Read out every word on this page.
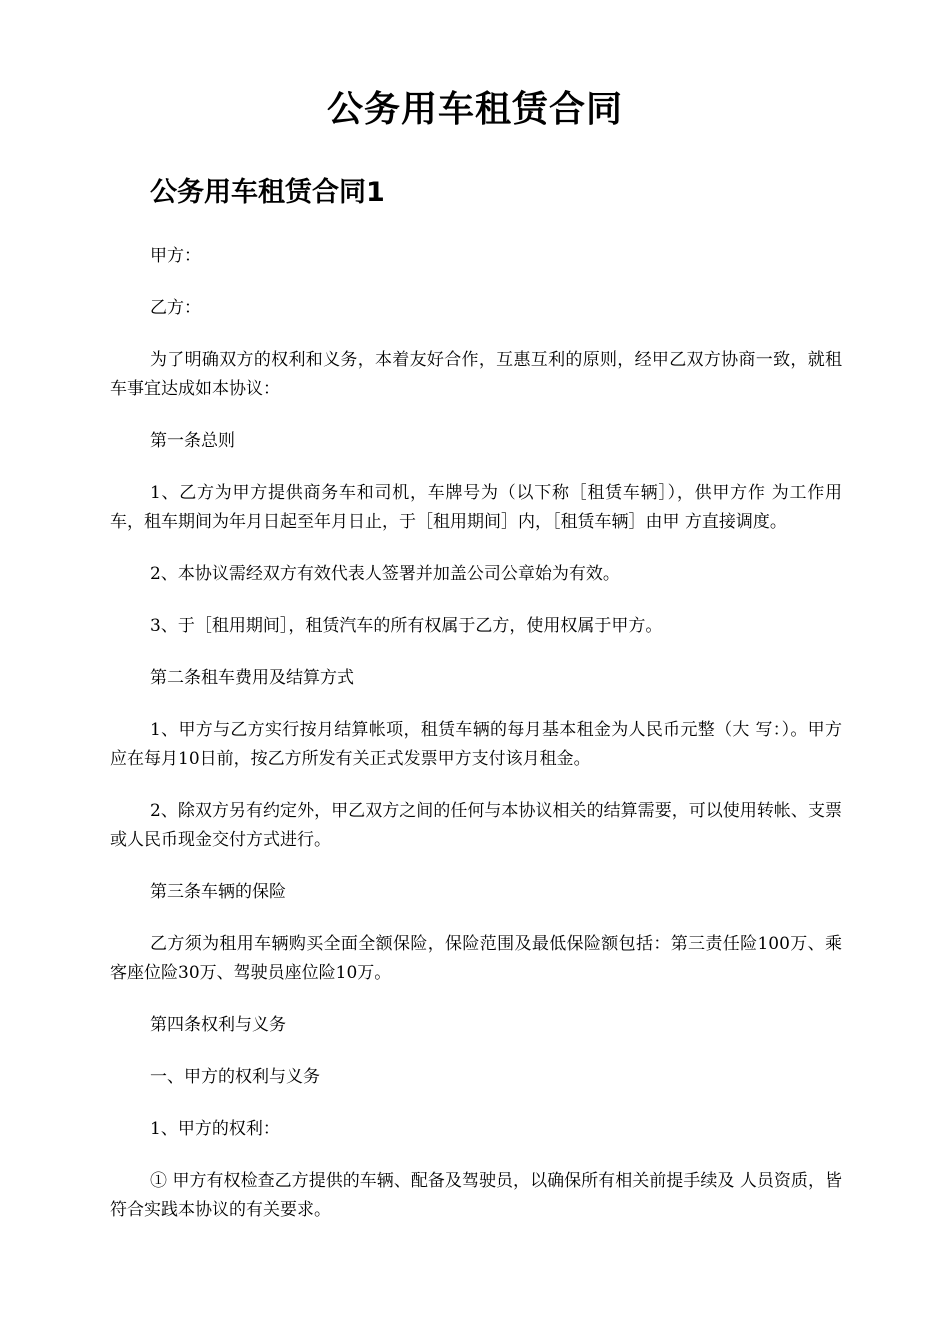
公务用车租赁合同
公务用车租赁合同1

甲方：

乙方：

为了明确双方的权利和义务，本着友好合作，互惠互利的原则，经甲乙双方协商一致，就租车事宜达成如本协议：

第一条总则

1、乙方为甲方提供商务车和司机，车牌号为（以下称［租赁车辆］），供甲方作 为工作用车，租车期间为年月日起至年月日止，于［租用期间］内，［租赁车辆］由甲 方直接调度。

2、本协议需经双方有效代表人签署并加盖公司公章始为有效。

3、于［租用期间］，租赁汽车的所有权属于乙方，使用权属于甲方。

第二条租车费用及结算方式

1、甲方与乙方实行按月结算帐项，租赁车辆的每月基本租金为人民币元整（大 写：）。甲方应在每月10日前，按乙方所发有关正式发票甲方支付该月租金。

2、除双方另有约定外，甲乙双方之间的任何与本协议相关的结算需要，可以使用转帐、支票或人民币现金交付方式进行。

第三条车辆的保险

乙方须为租用车辆购买全面全额保险，保险范围及最低保险额包括：第三责任险100万、乘客座位险30万、驾驶员座位险10万。

第四条权利与义务

一、甲方的权利与义务

1、甲方的权利：

① 甲方有权检查乙方提供的车辆、配备及驾驶员，以确保所有相关前提手续及 人员资质，皆符合实践本协议的有关要求。
